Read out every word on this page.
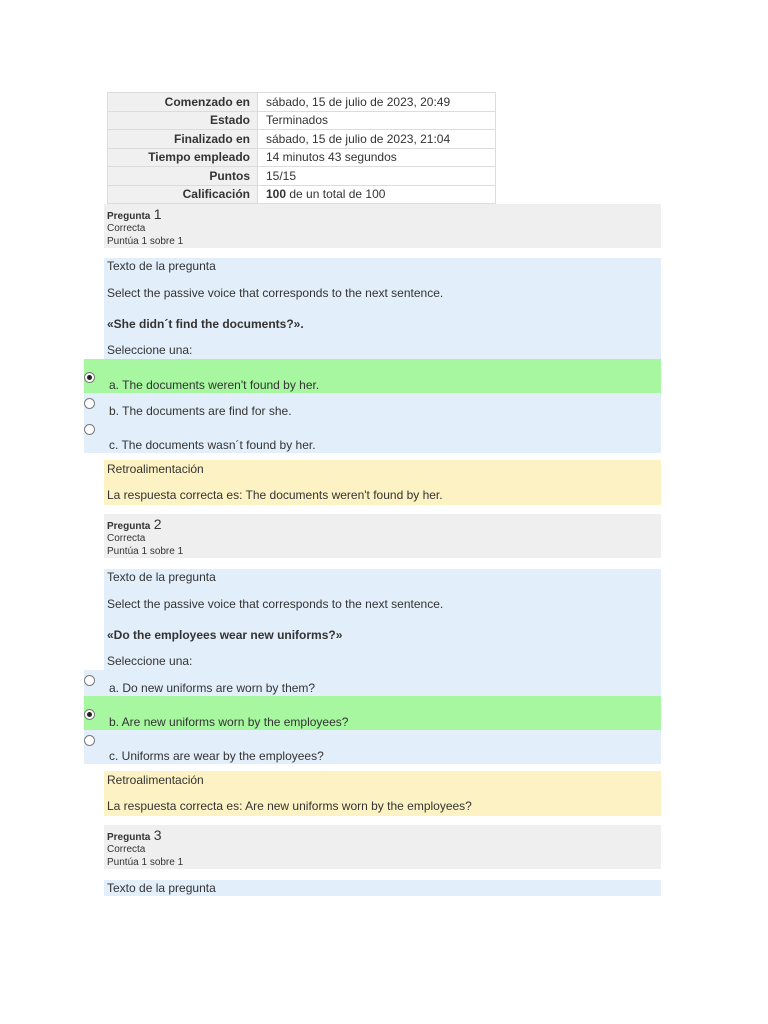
Comenzado en	sábado, 15 de julio de 2023, 20:49
Estado	Terminados
Finalizado en	sábado, 15 de julio de 2023, 21:04
Tiempo empleado	14 minutos 43 segundos
Puntos	15/15
Calificación	100 de un total de 100
Pregunta 1
Correcta
Puntúa 1 sobre 1
Texto de la pregunta
Select the passive voice that corresponds to the next sentence.
«She didn´t find the documents?».
Seleccione una:
a. The documents weren't found by her.
b. The documents are find for she.
c. The documents wasn´t found by her.
Retroalimentación
La respuesta correcta es: The documents weren't found by her.
Pregunta 2
Correcta
Puntúa 1 sobre 1
Texto de la pregunta
Select the passive voice that corresponds to the next sentence.
«Do the employees wear new uniforms?»
Seleccione una:
a. Do new uniforms are worn by them?
b. Are new uniforms worn by the employees?
c. Uniforms are wear by the employees?
Retroalimentación
La respuesta correcta es: Are new uniforms worn by the employees?
Pregunta 3
Correcta
Puntúa 1 sobre 1
Texto de la pregunta
